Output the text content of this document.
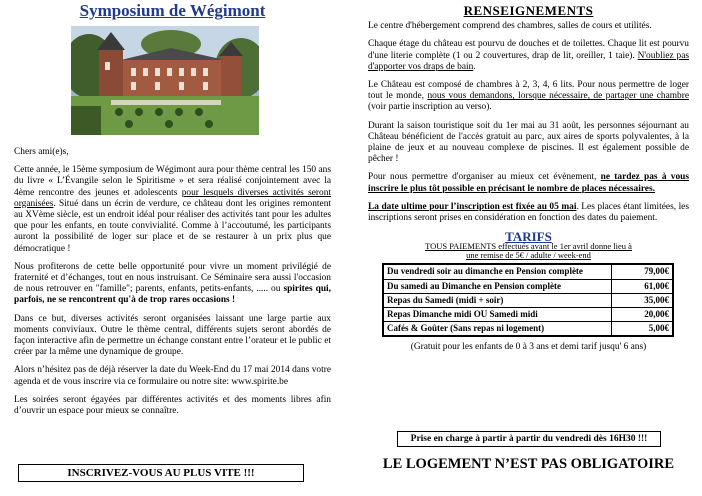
Symposium de Wégimont

Chers ami(e)s,

Cette année, le 15ème symposium de Wégimont aura pour thème central les 150 ans du livre « L’Évangile selon le Spiritisme » et sera réalisé conjointement avec la 4ème rencontre des jeunes et adolescents pour lesquels diverses activités seront organisées. Situé dans un écrin de verdure, ce château dont les origines remontent au XVème siècle, est un endroit idéal pour réaliser des activités tant pour les adultes que pour les enfants, en toute convivialité. Comme à l’accoutumé, les participants auront la possibilité de loger sur place et de se restaurer à un prix plus que démocratique !

Nous profiterons de cette belle opportunité pour vivre un moment privilégié de fraternité et d’échanges, tout en nous instruisant. Ce Séminaire sera aussi l'occasion de nous retrouver en "famille"; parents, enfants, petits-enfants, ..... ou spirites qui, parfois, ne se rencontrent qu'à de trop rares occasions !

Dans ce but, diverses activités seront organisées laissant une large partie aux moments conviviaux. Outre le thème central, différents sujets seront abordés de façon interactive afin de permettre un échange constant entre l’orateur et le public et créer par la même une dynamique de groupe.

Alors n’hésitez pas de déjà réserver la date du Week-End du 17 mai 2014 dans votre agenda et de vous inscrire via ce formulaire ou notre site: www.spirite.be

Les soirées seront égayées par différentes activités et des moments libres afin d’ouvrir un espace pour mieux se connaître.

INSCRIVEZ-VOUS AU PLUS VITE !!!
RENSEIGNEMENTS

Le centre d'hébergement comprend des chambres, salles de cours et utilités.

Chaque étage du château est pourvu de douches et de toilettes. Chaque lit est pourvu d'une literie complète (1 ou 2 couvertures, drap de lit, oreiller, 1 taie). N'oubliez pas d'apporter vos draps de bain.

Le Château est composé de chambres à 2, 3, 4, 6 lits. Pour nous permettre de loger tout le monde, nous vous demandons, lorsque nécessaire, de partager une chambre (voir partie inscription au verso).

Durant la saison touristique soit du 1er mai au 31 août, les personnes séjournant au Château bénéficient de l'accès gratuit au parc, aux aires de sports polyvalentes, à la plaine de jeux et au nouveau complexe de piscines. Il est également possible de pêcher !

Pour nous permettre d'organiser au mieux cet évènement, ne tardez pas à vous inscrire le plus tôt possible en précisant le nombre de places nécessaires.

La date ultime pour l’inscription est fixée au 05 mai. Les places étant limitées, les inscriptions seront prises en considération en fonction des dates du paiement.

TARIFS
TOUS PAIEMENTS effectués avant le 1er avril donne lieu à
une remise de 5€ / adulte / week-end
Du vendredi soir au dimanche en Pension complète	79,00€
Du samedi au Dimanche en Pension complète	61,00€
Repas du Samedi (midi + soir)	35,00€
Repas Dimanche midi OU Samedi midi	20,00€
Cafés & Goûter (Sans repas ni logement)	5,00€
(Gratuit pour les enfants de 0 à 3 ans et demi tarif jusqu' 6 ans)
Prise en charge à partir à partir du vendredi dès 16H30 !!!
LE LOGEMENT N’EST PAS OBLIGATOIRE
